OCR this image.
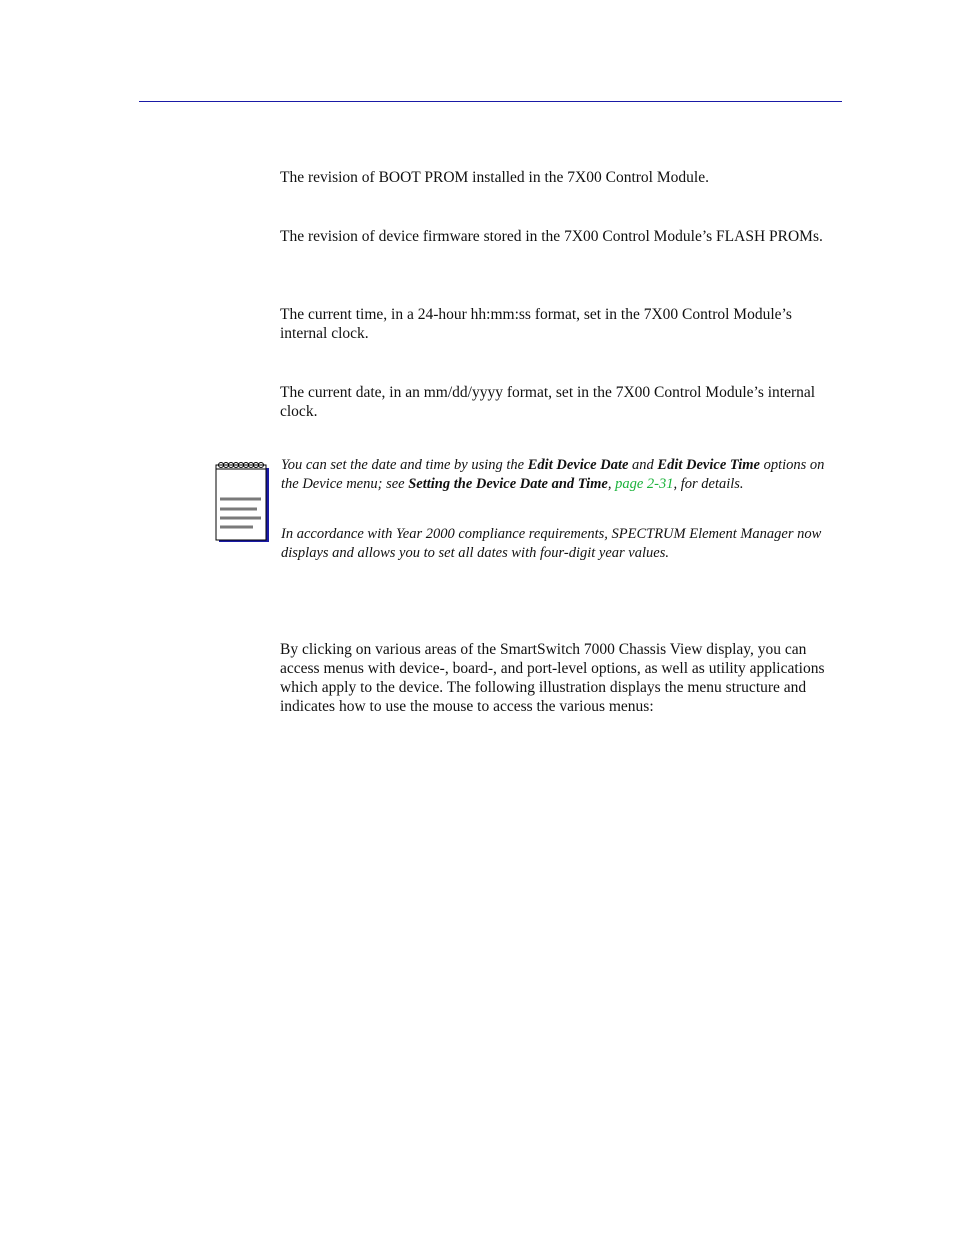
The revision of BOOT PROM installed in the 7X00 Control Module.

The revision of device firmware stored in the 7X00 Control Module’s FLASH PROMs.

The current time, in a 24-hour hh:mm:ss format, set in the 7X00 Control Module’s internal clock.

The current date, in an mm/dd/yyyy format, set in the 7X00 Control Module’s internal clock.

You can set the date and time by using the Edit Device Date and Edit Device Time options on the Device menu; see Setting the Device Date and Time, page 2-31, for details.

In accordance with Year 2000 compliance requirements, SPECTRUM Element Manager now displays and allows you to set all dates with four-digit year values.

By clicking on various areas of the SmartSwitch 7000 Chassis View display, you can access menus with device-, board-, and port-level options, as well as utility applications which apply to the device. The following illustration displays the menu structure and indicates how to use the mouse to access the various menus:
